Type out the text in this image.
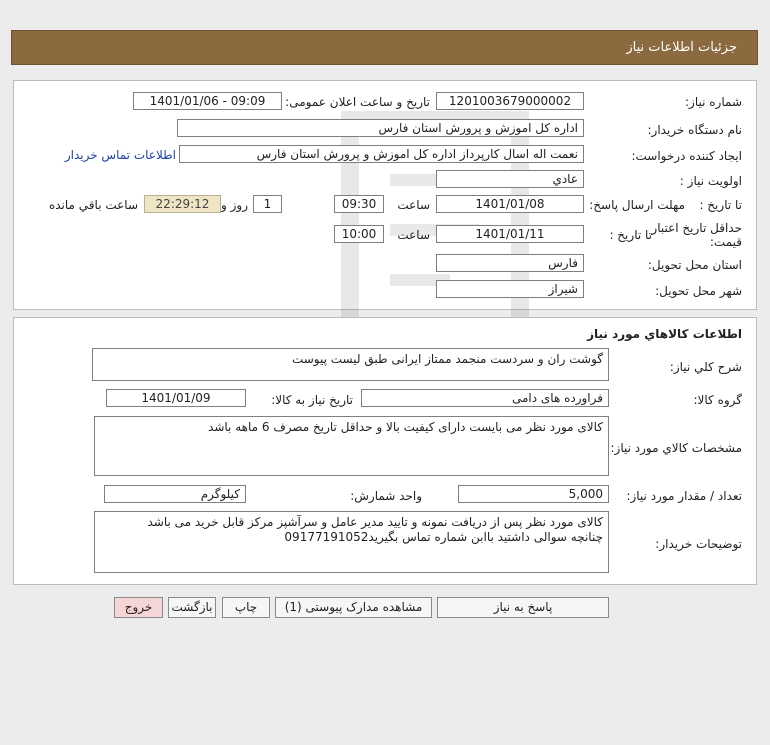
جزئيات اطلاعات نياز
شماره نیاز:
1201003679000002
تاریخ و ساعت اعلان عمومی:
1401/01/06 - 09:09
نام دستگاه خریدار:
اداره کل اموزش و پرورش استان فارس
ایجاد کننده درخواست:
نعمت اله اسال کارپرداز اداره کل اموزش و پرورش استان فارس
اطلاعات تماس خریدار
اولویت نیاز :
عادي
مهلت ارسال پاسخ: تا تاریخ :
1401/01/08
ساعت
09:30
1
روز و
22:29:12
ساعت باقي مانده
حداقل تاریخ اعتبار
قیمت:
تا تاریخ :
1401/01/11
ساعت
10:00
استان محل تحویل:
فارس
شهر محل تحویل:
شیراز
اطلاعات کالاهاي مورد نياز
شرح کلي نياز:
گوشت ران و سردست منجمد ممتاز ایرانی طبق لیست پیوست
گروه کالا:
فراورده های دامی
تاریخ نیاز به کالا:
1401/01/09
مشخصات کالاي مورد نياز:
کالای مورد نظر می بایست دارای کیفیت بالا و حداقل تاریخ مصرف 6 ماهه باشد
تعداد / مقدار مورد نیاز:
5,000
واحد شمارش:
کیلوگرم
توضیحات خریدار:
کالای مورد نظر پس از دریافت نمونه و تایید مدیر عامل و سرآشپز مرکز قابل خرید می باشد
چنانچه سوالی داشتید باابن شماره تماس بگیرید09177191052
پاسخ به نیاز
مشاهده مدارک پیوستی (1)
چاپ
بازگشت
خروج
